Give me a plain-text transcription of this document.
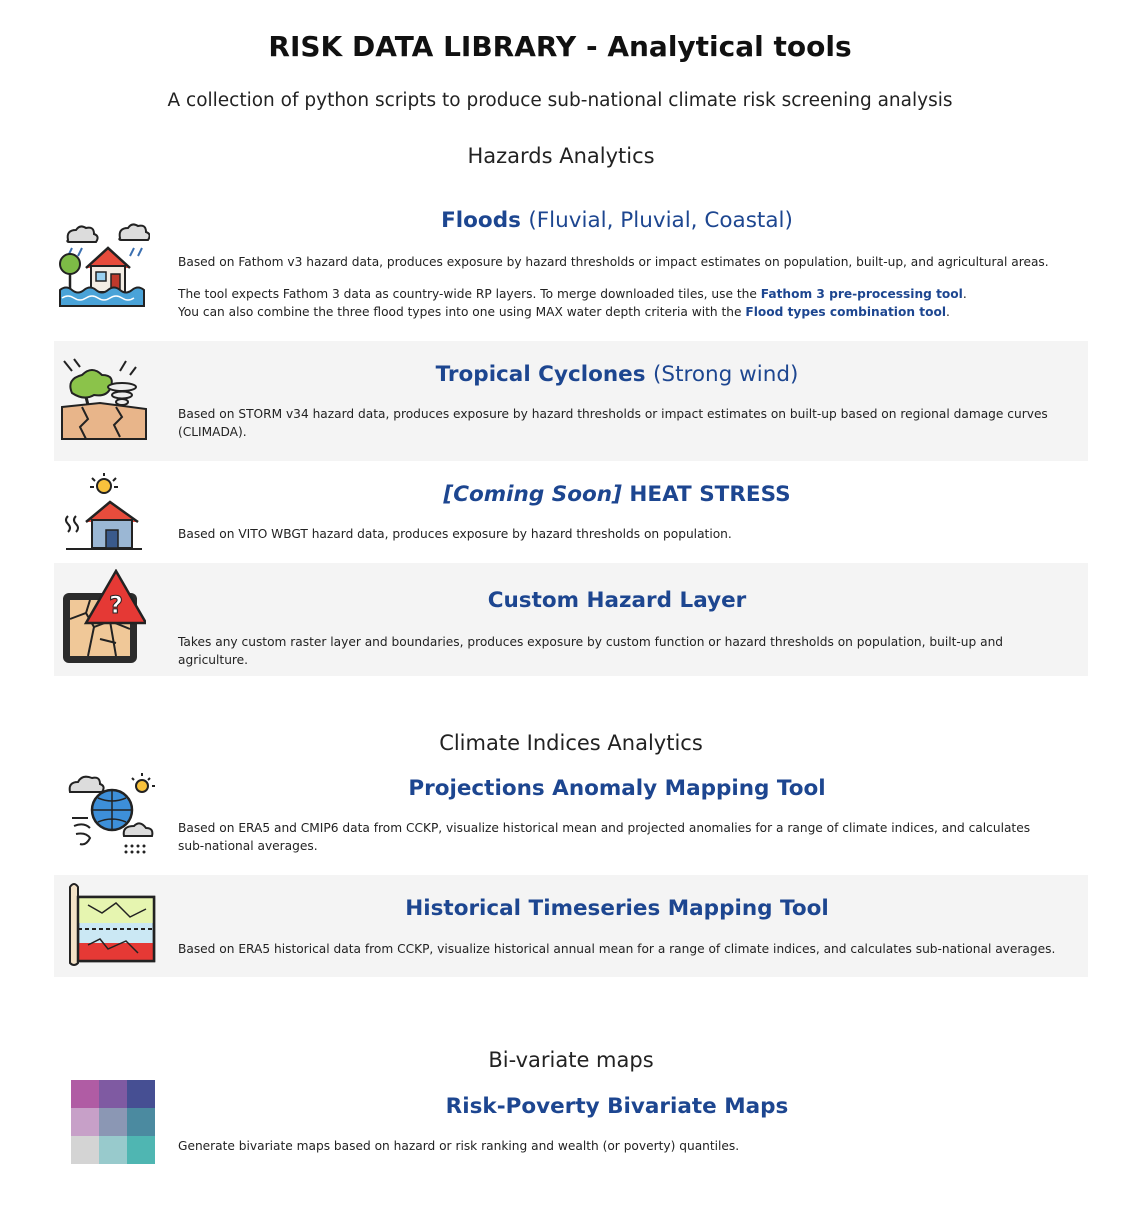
RISK DATA LIBRARY - Analytical tools
A collection of python scripts to produce sub-national climate risk screening analysis
Hazards Analytics
Floods (Fluvial, Pluvial, Coastal)
Based on Fathom v3 hazard data, produces exposure by hazard thresholds or impact estimates on population, built-up, and agricultural areas.
The tool expects Fathom 3 data as country-wide RP layers. To merge downloaded tiles, use the Fathom 3 pre-processing tool.
You can also combine the three flood types into one using MAX water depth criteria with the Flood types combination tool.
Tropical Cyclones (Strong wind)
Based on STORM v34 hazard data, produces exposure by hazard thresholds or impact estimates on built-up based on regional damage curves (CLIMADA).
[Coming Soon] HEAT STRESS
Based on VITO WBGT hazard data, produces exposure by hazard thresholds on population.
?	Custom Hazard Layer
Takes any custom raster layer and boundaries, produces exposure by custom function or hazard thresholds on population, built-up and agriculture.
Climate Indices Analytics
Projections Anomaly Mapping Tool
Based on ERA5 and CMIP6 data from CCKP, visualize historical mean and projected anomalies for a range of climate indices, and calculates sub-national averages.
Historical Timeseries Mapping Tool
Based on ERA5 historical data from CCKP, visualize historical annual mean for a range of climate indices, and calculates sub-national averages.
Bi-variate maps
Risk-Poverty Bivariate Maps
Generate bivariate maps based on hazard or risk ranking and wealth (or poverty) quantiles.
